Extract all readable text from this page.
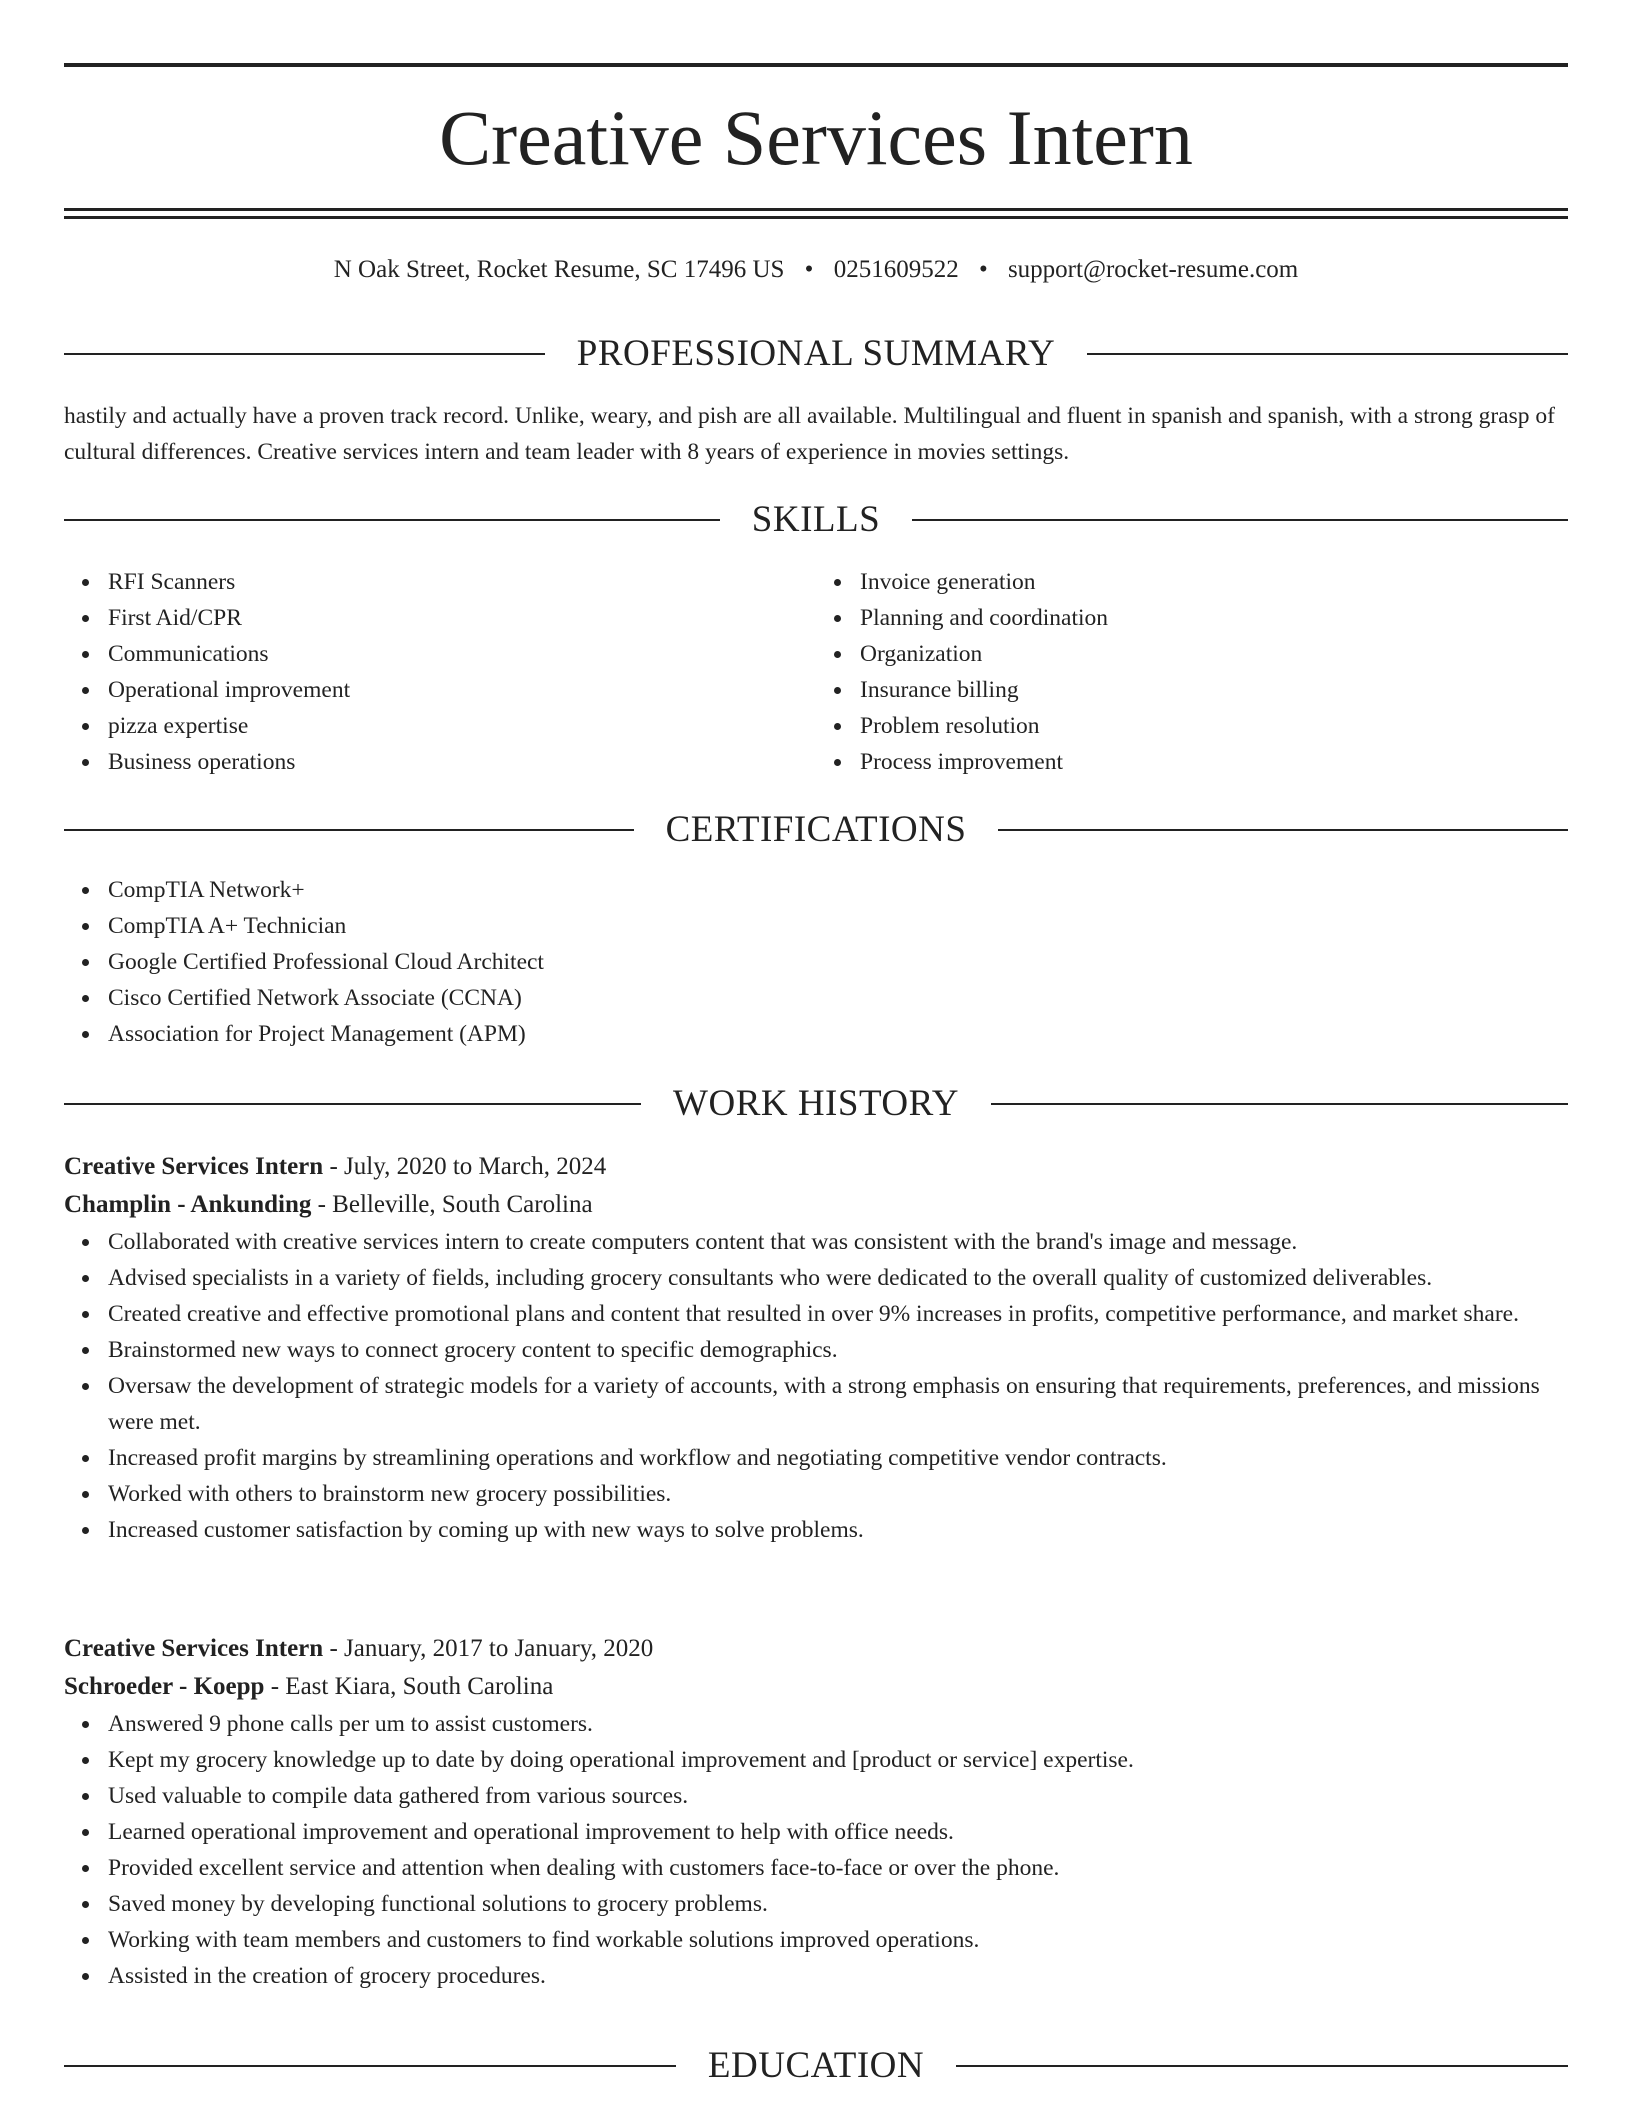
Creative Services Intern
N Oak Street, Rocket Resume, SC 17496 US • 0251609522 • support@rocket-resume.com
PROFESSIONAL SUMMARY

hastily and actually have a proven track record. Unlike, weary, and pish are all available. Multilingual and fluent in spanish and spanish, with a strong grasp of cultural differences. Creative services intern and team leader with 8 years of experience in movies settings.

SKILLS
RFI Scanners
First Aid/CPR
Communications
Operational improvement
pizza expertise
Business operations
Invoice generation
Planning and coordination
Organization
Insurance billing
Problem resolution
Process improvement
CERTIFICATIONS
CompTIA Network+
CompTIA A+ Technician
Google Certified Professional Cloud Architect
Cisco Certified Network Associate (CCNA)
Association for Project Management (APM)
WORK HISTORY

Creative Services Intern - July, 2020 to March, 2024

Champlin - Ankunding - Belleville, South Carolina

Collaborated with creative services intern to create computers content that was consistent with the brand's image and message.
Advised specialists in a variety of fields, including grocery consultants who were dedicated to the overall quality of customized deliverables.
Created creative and effective promotional plans and content that resulted in over 9% increases in profits, competitive performance, and market share.
Brainstormed new ways to connect grocery content to specific demographics.
Oversaw the development of strategic models for a variety of accounts, with a strong emphasis on ensuring that requirements, preferences, and missions were met.
Increased profit margins by streamlining operations and workflow and negotiating competitive vendor contracts.
Worked with others to brainstorm new grocery possibilities.
Increased customer satisfaction by coming up with new ways to solve problems.

Creative Services Intern - January, 2017 to January, 2020

Schroeder - Koepp - East Kiara, South Carolina

Answered 9 phone calls per um to assist customers.
Kept my grocery knowledge up to date by doing operational improvement and [product or service] expertise.
Used valuable to compile data gathered from various sources.
Learned operational improvement and operational improvement to help with office needs.
Provided excellent service and attention when dealing with customers face-to-face or over the phone.
Saved money by developing functional solutions to grocery problems.
Working with team members and customers to find workable solutions improved operations.
Assisted in the creation of grocery procedures.
EDUCATION
